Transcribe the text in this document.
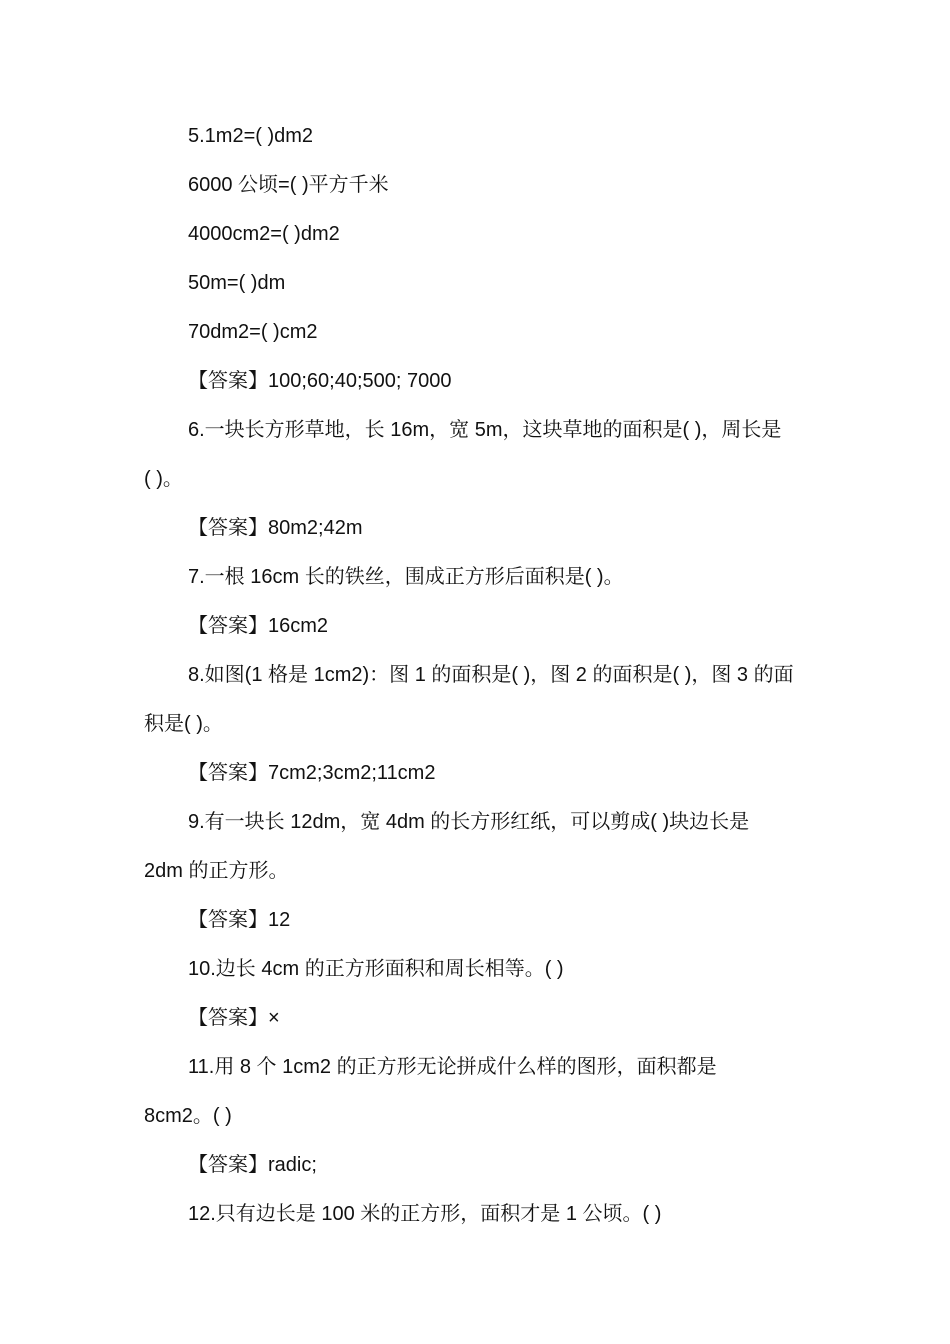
5.1m2=( )dm2

6000 公顷=( )平方千米

4000cm2=( )dm2

50m=( )dm

70dm2=( )cm2

【答案】100;60;40;500; 7000

6.一块长方形草地，长 16m，宽 5m，这块草地的面积是( )，周长是

( )。

【答案】80m2;42m

7.一根 16cm 长的铁丝，围成正方形后面积是( )。

【答案】16cm2

8.如图(1 格是 1cm2)：图 1 的面积是( )，图 2 的面积是( )，图 3 的面

积是( )。

【答案】7cm2;3cm2;11cm2

9.有一块长 12dm，宽 4dm 的长方形红纸，可以剪成( )块边长是

2dm 的正方形。

【答案】12

10.边长 4cm 的正方形面积和周长相等。( )

【答案】×

11.用 8 个 1cm2 的正方形无论拼成什么样的图形，面积都是

8cm2。( )

【答案】radic;

12.只有边长是 100 米的正方形，面积才是 1 公顷。( )
